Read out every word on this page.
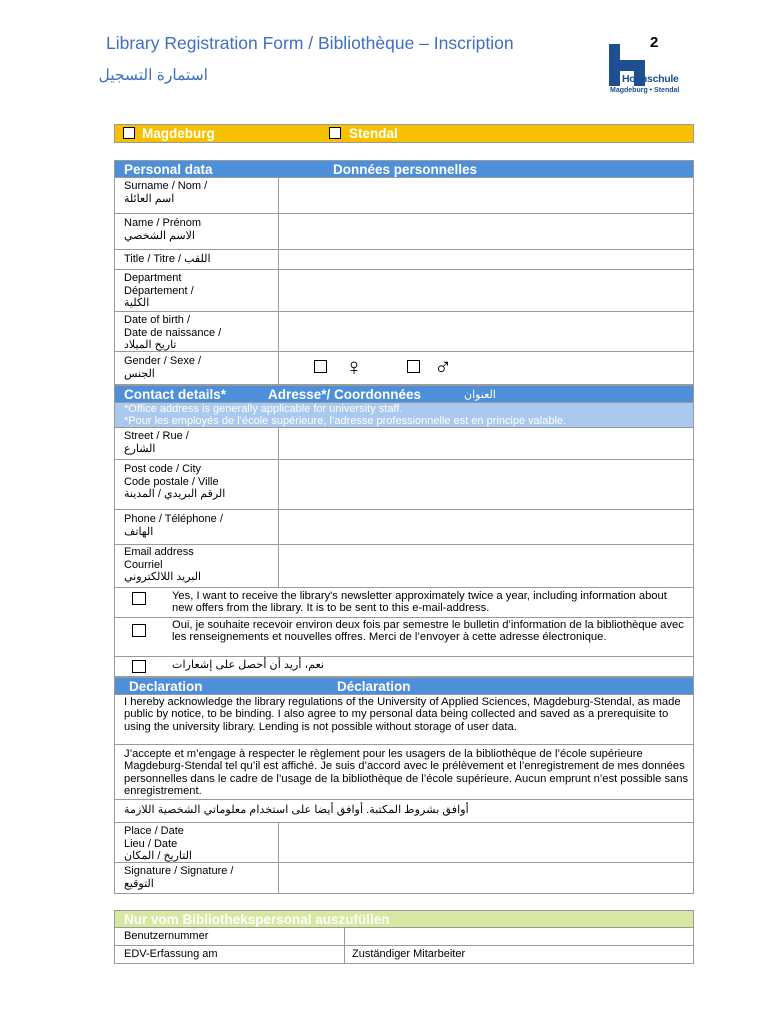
Library Registration Form / Bibliothèque – Inscription
استمارة التسجيل
2
Hochschule
Magdeburg • Stendal
Magdeburg	Stendal
Personal data	Données personnelles
Surname / Nom /
اسم العائلة
Name / Prénom
الاسم الشخصي
Title / Titre / اللقب
Department
Département /
الكلية
Date of birth /
Date de naissance /
تاريخ الميلاد
Gender / Sexe /
الجنس	♀	♂
Contact details*	Adresse*/ Coordonnées	العنوان
*Office address is generally applicable for university staff.
*Pour les employés de l’école supérieure, l’adresse professionnelle est en principe valable.
Street / Rue /
الشارع
Post code / City
Code postale / Ville
الرقم البريدي / المدينة
Phone / Téléphone /
الهاتف
Email address
Courriel
البريد اللالكتروني
Yes, I want to receive the library's newsletter approximately twice a year, including information about new offers from the library. It is to be sent to this e-mail-address.
Oui, je souhaite recevoir environ deux fois par semestre le bulletin d’information de la bibliothèque avec les renseignements et nouvelles offres. Merci de l’envoyer à cette adresse électronique.
نعم، أريد أن أحصل على إشعارات
Declaration	Déclaration
I hereby acknowledge the library regulations of the University of Applied Sciences, Magdeburg-Stendal, as made public by notice, to be binding. I also agree to my personal data being collected and saved as a prerequisite to using the university library. Lending is not possible without storage of user data.
J’accepte et m’engage à respecter le règlement pour les usagers de la bibliothèque de l’école supérieure Magdeburg-Stendal tel qu’il est affiché. Je suis d’accord avec le prélèvement et l’enregistrement de mes données personnelles dans le cadre de l’usage de la bibliothèque de l’école supérieure. Aucun emprunt n’est possible sans enregistrement.
أوافق بشروط المكتبة. أوافق أيضا على استخدام معلوماتي الشخصية اللازمة
Place / Date
Lieu / Date
التاريخ / المكان
Signature / Signature /
التوقيع
Nur vom Bibliothekspersonal auszufüllen
Benutzernummer
EDV-Erfassung am	Zuständiger Mitarbeiter
